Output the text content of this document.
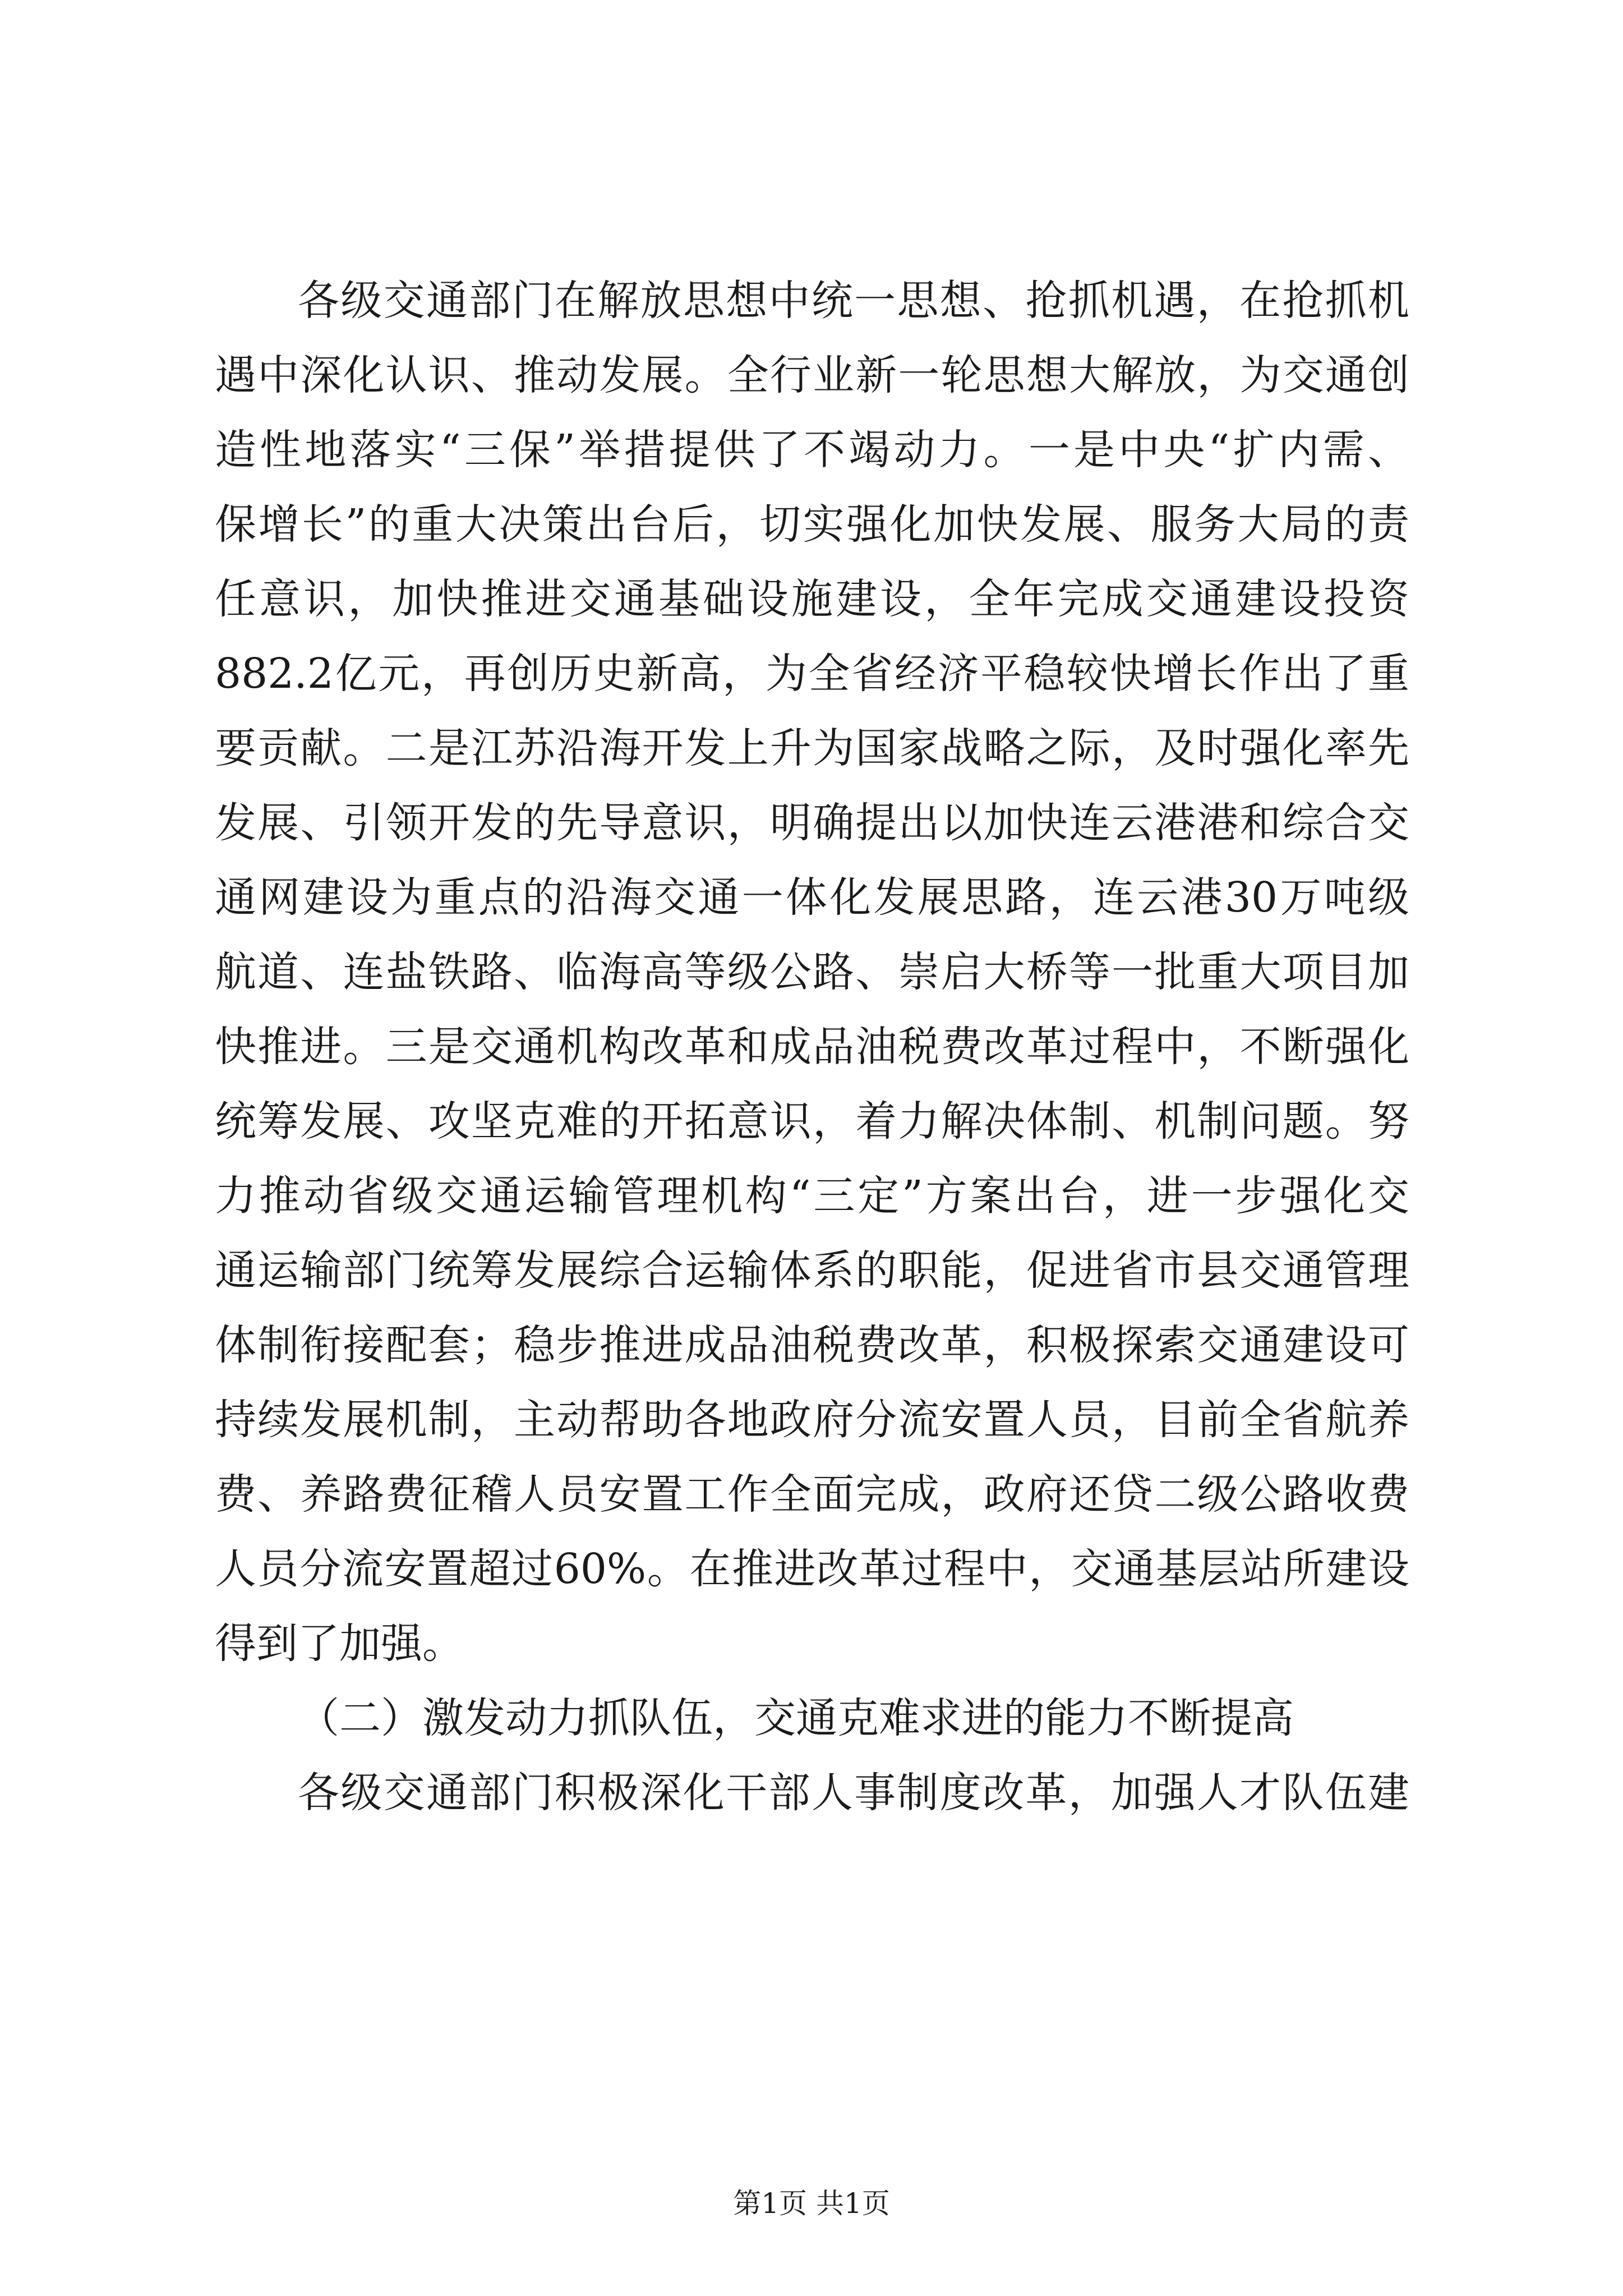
各级交通部门在解放思想中统一思想、抢抓机遇，在抢抓机
遇中深化认识、推动发展。全行业新一轮思想大解放，为交通创
造性地落实“三保”举措提供了不竭动力。一是中央“扩内需、
保增长”的重大决策出台后，切实强化加快发展、服务大局的责
任意识，加快推进交通基础设施建设，全年完成交通建设投资
882.2亿元，再创历史新高，为全省经济平稳较快增长作出了重
要贡献。二是江苏沿海开发上升为国家战略之际，及时强化率先
发展、引领开发的先导意识，明确提出以加快连云港港和综合交
通网建设为重点的沿海交通一体化发展思路，连云港30万吨级
航道、连盐铁路、临海高等级公路、崇启大桥等一批重大项目加
快推进。三是交通机构改革和成品油税费改革过程中，不断强化
统筹发展、攻坚克难的开拓意识，着力解决体制、机制问题。努
力推动省级交通运输管理机构“三定”方案出台，进一步强化交
通运输部门统筹发展综合运输体系的职能，促进省市县交通管理
体制衔接配套；稳步推进成品油税费改革，积极探索交通建设可
持续发展机制，主动帮助各地政府分流安置人员，目前全省航养
费、养路费征稽人员安置工作全面完成，政府还贷二级公路收费
人员分流安置超过60%。在推进改革过程中，交通基层站所建设
得到了加强。
（二）激发动力抓队伍，交通克难求进的能力不断提高
各级交通部门积极深化干部人事制度改革，加强人才队伍建
第1页 共1页
